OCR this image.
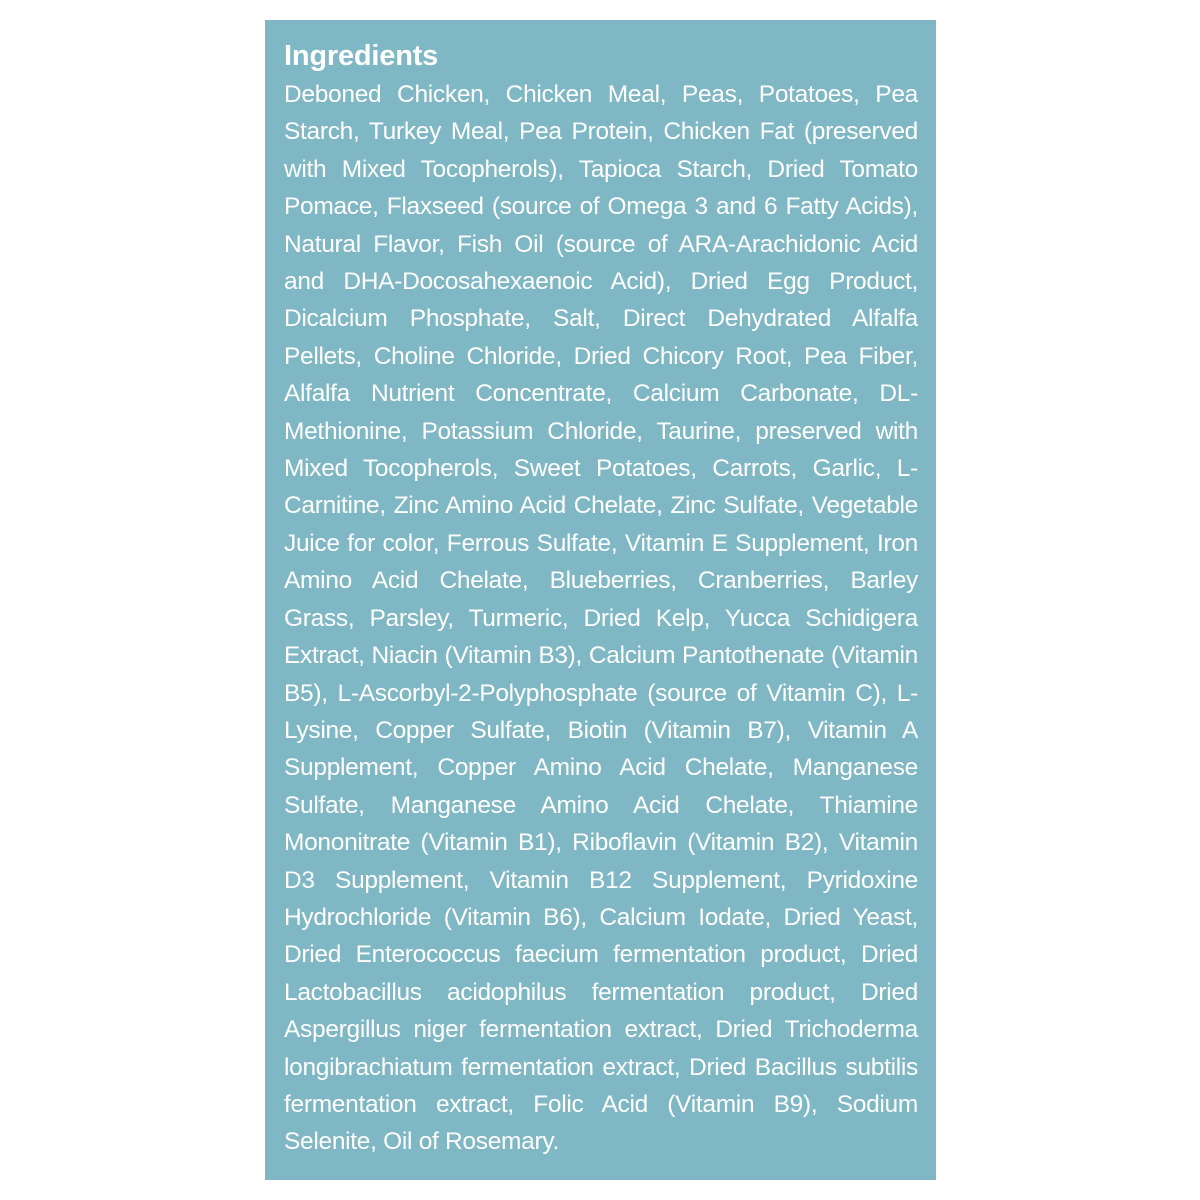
Ingredients

Deboned Chicken, Chicken Meal, Peas, Potatoes, Pea Starch, Turkey Meal, Pea Protein, Chicken Fat (preserved with Mixed Tocopherols), Tapioca Starch, Dried Tomato Pomace, Flaxseed (source of Omega 3 and 6 Fatty Acids), Natural Flavor, Fish Oil (source of ARA-Arachidonic Acid and DHA-Docosahexaenoic Acid), Dried Egg Product, Dicalcium Phosphate, Salt, Direct Dehydrated Alfalfa Pellets, Choline Chloride, Dried Chicory Root, Pea Fiber, Alfalfa Nutrient Concentrate, Calcium Carbonate, DL-Methionine, Potassium Chloride, Taurine, preserved with Mixed Tocopherols, Sweet Potatoes, Carrots, Garlic, L-Carnitine, Zinc Amino Acid Chelate, Zinc Sulfate, Vegetable Juice for color, Ferrous Sulfate, Vitamin E Supplement, Iron Amino Acid Chelate, Blueberries, Cranberries, Barley Grass, Parsley, Turmeric, Dried Kelp, Yucca Schidigera Extract, Niacin (Vitamin B3), Calcium Pantothenate (Vitamin B5), L-Ascorbyl-2-Polyphosphate (source of Vitamin C), L-Lysine, Copper Sulfate, Biotin (Vitamin B7), Vitamin A Supplement, Copper Amino Acid Chelate, Manganese Sulfate, Manganese Amino Acid Chelate, Thiamine Mononitrate (Vitamin B1), Riboflavin (Vitamin B2), Vitamin D3 Supplement, Vitamin B12 Supplement, Pyridoxine Hydrochloride (Vitamin B6), Calcium Iodate, Dried Yeast, Dried Enterococcus faecium fermentation product, Dried Lactobacillus acidophilus fermentation product, Dried Aspergillus niger fermentation extract, Dried Trichoderma longibrachiatum fermentation extract, Dried Bacillus subtilis fermentation extract, Folic Acid (Vitamin B9), Sodium Selenite, Oil of Rosemary.
